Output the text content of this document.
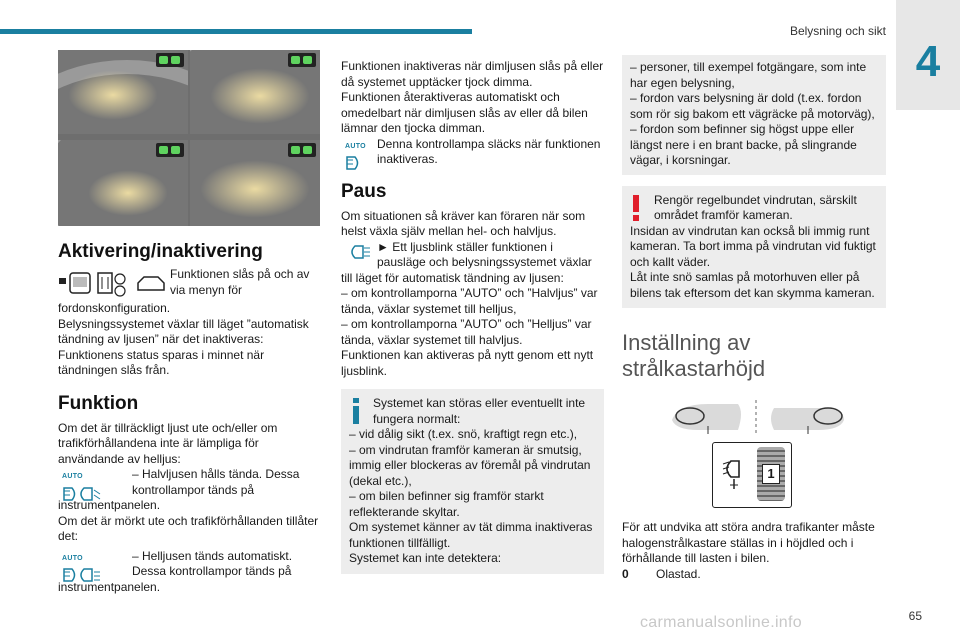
Belysning och sikt
4
Aktivering/inaktivering

Funktionen slås på och av via menyn för

fordonskonfiguration.

Belysningssystemet växlar till läget ”automatisk tändning av ljusen” när det inaktiveras:

Funktionens status sparas i minnet när tändningen slås från.

Funktion

Om det är tillräckligt ljust ute och/eller om trafikförhållandena inte är lämpliga för användande av helljus:

AUTO	– Halvljusen hålls tända. Dessa kontrollampor tänds på

instrumentpanelen.

Om det är mörkt ute och trafikförhållanden tillåter det:

AUTO	– Helljusen tänds automatiskt. Dessa kontrollampor tänds på

instrumentpanelen.

Funktionen inaktiveras när dimljusen slås på eller då systemet upptäcker tjock dimma.

Funktionen återaktiveras automatiskt och omedelbart när dimljusen slås av eller då bilen lämnar den tjocka dimman.

AUTO Denna kontrollampa släcks när funktionen inaktiveras.

Paus

Om situationen så kräver kan föraren när som helst växla själv mellan hel- och halvljus.

► Ett ljusblink ställer funktionen i pausläge och belysningssystemet växlar

till läget för automatisk tändning av ljusen:

– om kontrollamporna ”AUTO” och ”Halvljus” var tända, växlar systemet till helljus,

– om kontrollamporna ”AUTO” och ”Helljus” var tända, växlar systemet till halvljus.

Funktionen kan aktiveras på nytt genom ett nytt ljusblink.

Systemet kan störas eller eventuellt inte fungera normalt:

– vid dålig sikt (t.ex. snö, kraftigt regn etc.),

– om vindrutan framför kameran är smutsig, immig eller blockeras av föremål på vindrutan (dekal etc.),

– om bilen befinner sig framför starkt reflekterande skyltar.

Om systemet känner av tät dimma inaktiveras funktionen tillfälligt.

Systemet kan inte detektera:

– personer, till exempel fotgängare, som inte har egen belysning,

– fordon vars belysning är dold (t.ex. fordon som rör sig bakom ett vägräcke på motorväg),

– fordon som befinner sig högst uppe eller längst nere i en brant backe, på slingrande vägar, i korsningar.

Rengör regelbundet vindrutan, särskilt området framför kameran.

Insidan av vindrutan kan också bli immig runt kameran. Ta bort imma på vindrutan vid fuktigt och kallt väder.

Låt inte snö samlas på motorhuven eller på bilens tak eftersom det kan skymma kameran.

Inställning av strålkastarhöjd
1

För att undvika att störa andra trafikanter måste halogenstrålkastare ställas in i höjdled och i förhållande till lasten i bilen.

0 Olastad.

carmanualsonline.info	65
